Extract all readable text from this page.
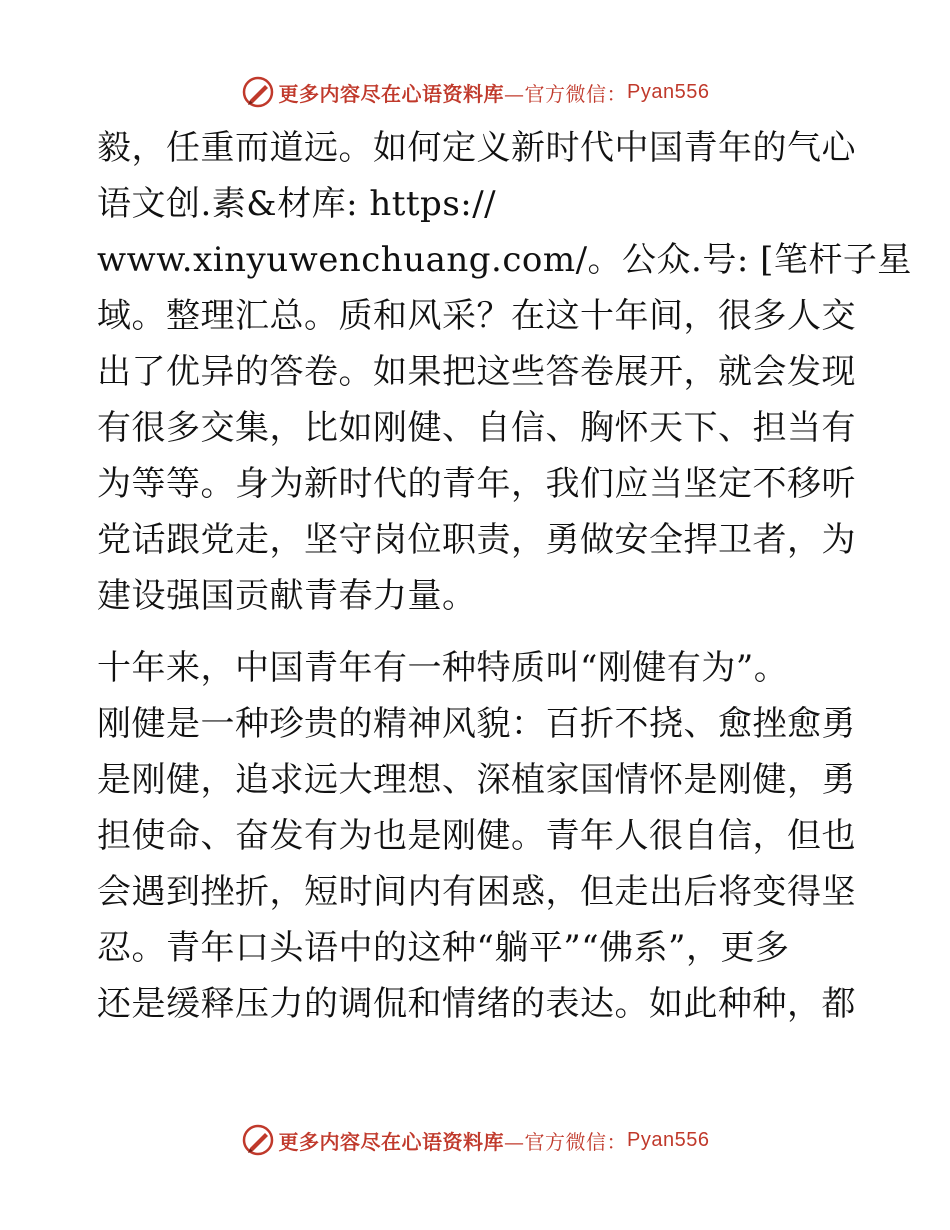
更多内容尽在心语资料库 —官方微信： Pyan556
毅，任重而道远。如何定义新时代中国青年的气心
语文创.素&材库: https://
www.xinyuwenchuang.com/。公众.号: [笔杆子星
域。整理汇总。质和风采？在这十年间，很多人交
出了优异的答卷。如果把这些答卷展开，就会发现
有很多交集，比如刚健、自信、胸怀天下、担当有
为等等。身为新时代的青年，我们应当坚定不移听
党话跟党走，坚守岗位职责，勇做安全捍卫者，为
建设强国贡献青春力量。
十年来，中国青年有一种特质叫“刚健有为”。
刚健是一种珍贵的精神风貌：百折不挠、愈挫愈勇
是刚健，追求远大理想、深植家国情怀是刚健，勇
担使命、奋发有为也是刚健。青年人很自信，但也
会遇到挫折，短时间内有困惑，但走出后将变得坚
忍。青年口头语中的这种“躺平”“佛系”，更多
还是缓释压力的调侃和情绪的表达。如此种种，都
更多内容尽在心语资料库 —官方微信： Pyan556
